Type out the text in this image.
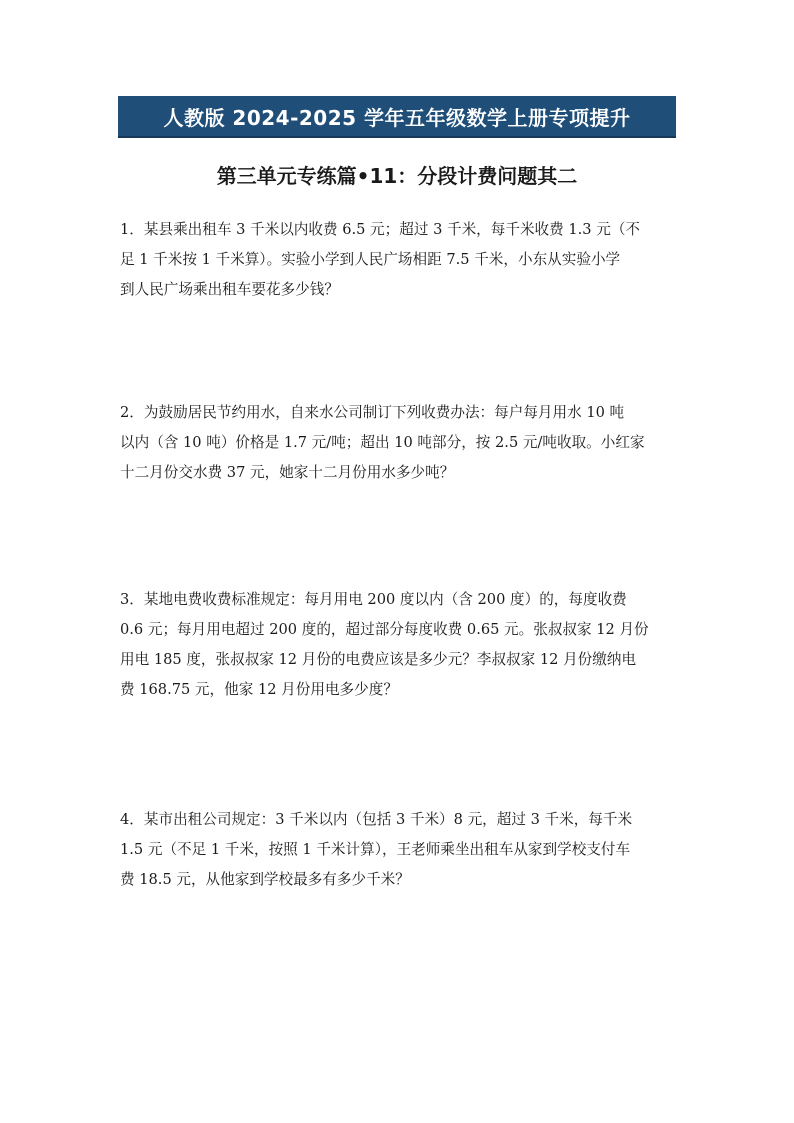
人教版 2024-2025 学年五年级数学上册专项提升
第三单元专练篇•11：分段计费问题其二
1．某县乘出租车 3 千米以内收费 6.5 元；超过 3 千米，每千米收费 1.3 元（不
足 1 千米按 1 千米算）。实验小学到人民广场相距 7.5 千米，小东从实验小学
到人民广场乘出租车要花多少钱？
2．为鼓励居民节约用水，自来水公司制订下列收费办法：每户每月用水 10 吨
以内（含 10 吨）价格是 1.7 元/吨；超出 10 吨部分，按 2.5 元/吨收取。小红家
十二月份交水费 37 元，她家十二月份用水多少吨？
3．某地电费收费标准规定：每月用电 200 度以内（含 200 度）的，每度收费
0.6 元；每月用电超过 200 度的，超过部分每度收费 0.65 元。张叔叔家 12 月份
用电 185 度，张叔叔家 12 月份的电费应该是多少元？李叔叔家 12 月份缴纳电
费 168.75 元，他家 12 月份用电多少度？
4．某市出租公司规定：3 千米以内（包括 3 千米）8 元，超过 3 千米，每千米
1.5 元（不足 1 千米，按照 1 千米计算），王老师乘坐出租车从家到学校支付车
费 18.5 元，从他家到学校最多有多少千米？
